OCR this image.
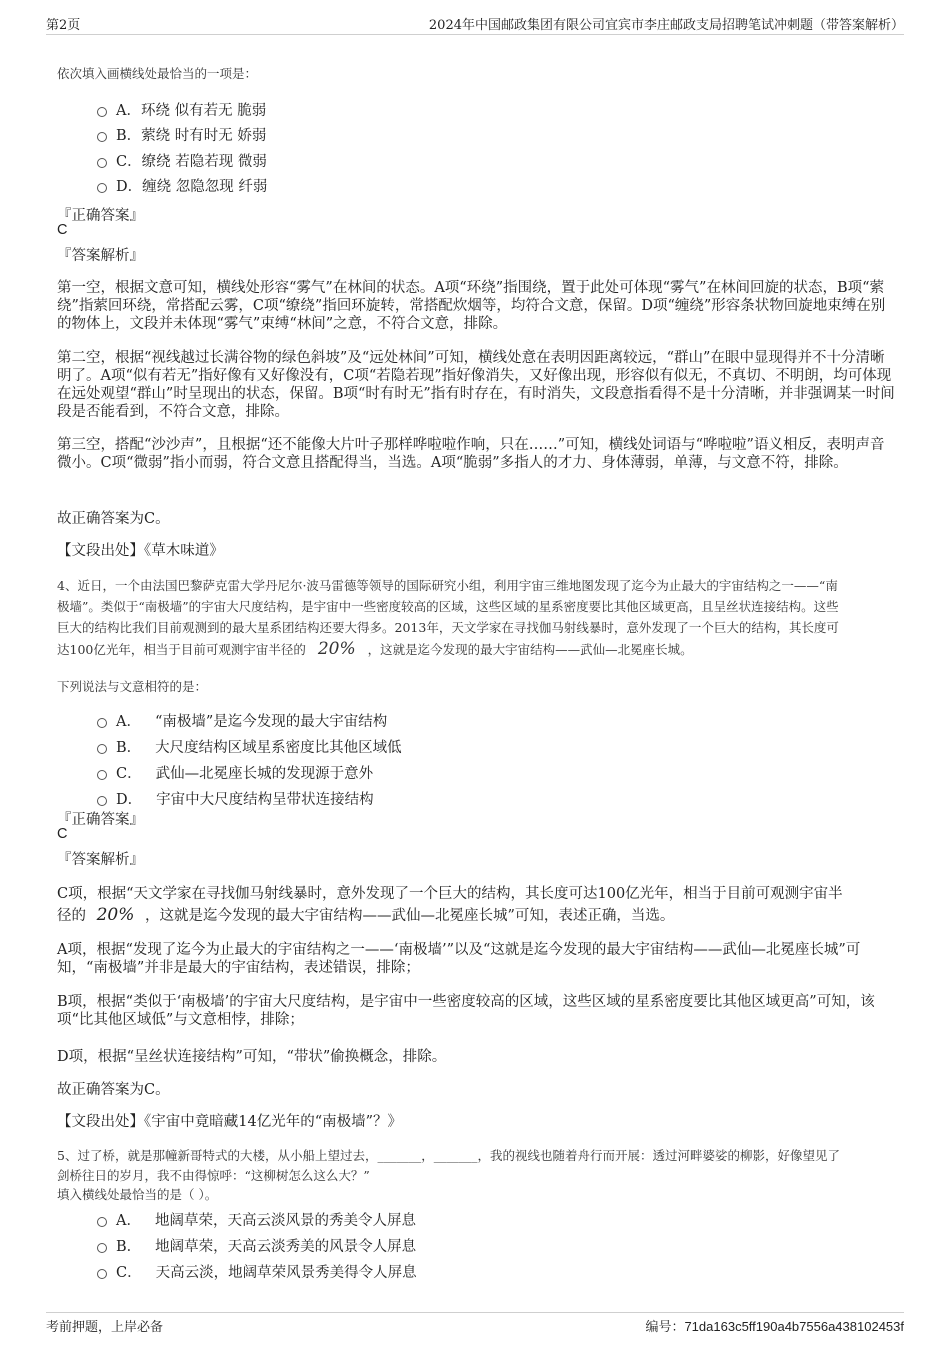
第2页	2024年中国邮政集团有限公司宜宾市李庄邮政支局招聘笔试冲刺题（带答案解析）
依次填入画横线处最恰当的一项是：
A． 环绕 似有若无 脆弱
B． 萦绕 时有时无 娇弱
C． 缭绕 若隐若现 微弱
D． 缠绕 忽隐忽现 纤弱
『正确答案』
C
『答案解析』
第一空，根据文意可知，横线处形容“雾气”在林间的状态。A项“环绕”指围绕，置于此处可体现“雾气”在林间回旋的状态，B项“萦绕”指萦回环绕，常搭配云雾，C项“缭绕”指回环旋转，常搭配炊烟等，均符合文意，保留。D项“缠绕”形容条状物回旋地束缚在别的物体上，文段并未体现“雾气”束缚“林间”之意，不符合文意，排除。
第二空，根据“视线越过长满谷物的绿色斜坡”及“远处林间”可知，横线处意在表明因距离较远，“群山”在眼中显现得并不十分清晰明了。A项“似有若无”指好像有又好像没有，C项“若隐若现”指好像消失，又好像出现，形容似有似无，不真切、不明朗，均可体现在远处观望“群山”时呈现出的状态，保留。B项“时有时无”指有时存在，有时消失，文段意指看得不是十分清晰，并非强调某一时间段是否能看到，不符合文意，排除。
第三空，搭配“沙沙声”，且根据“还不能像大片叶子那样哗啦啦作响，只在……”可知，横线处词语与“哗啦啦”语义相反，表明声音微小。C项“微弱”指小而弱，符合文意且搭配得当，当选。A项“脆弱”多指人的才力、身体薄弱，单薄，与文意不符，排除。
故正确答案为C。
【文段出处】《草木味道》
4、近日，一个由法国巴黎萨克雷大学丹尼尔·波马雷德等领导的国际研究小组，利用宇宙三维地图发现了迄今为止最大的宇宙结构之一——“南
极墙”。类似于“南极墙”的宇宙大尺度结构，是宇宙中一些密度较高的区域，这些区域的星系密度要比其他区域更高，且呈丝状连接结构。这些
巨大的结构比我们目前观测到的最大星系团结构还要大得多。2013年，天文学家在寻找伽马射线暴时，意外发现了一个巨大的结构，其长度可
达100亿光年，相当于目前可观测宇宙半径的 20% ，这就是迄今发现的最大宇宙结构——武仙—北冕座长城。
下列说法与文意相符的是：
A． “南极墙”是迄今发现的最大宇宙结构
B． 大尺度结构区域星系密度比其他区域低
C． 武仙—北冕座长城的发现源于意外
D． 宇宙中大尺度结构呈带状连接结构
『正确答案』
C
『答案解析』
C项，根据“天文学家在寻找伽马射线暴时，意外发现了一个巨大的结构，其长度可达100亿光年，相当于目前可观测宇宙半
径的 20% ，这就是迄今发现的最大宇宙结构——武仙—北冕座长城”可知，表述正确，当选。
A项，根据“发现了迄今为止最大的宇宙结构之一——‘南极墙’”以及“这就是迄今发现的最大宇宙结构——武仙—北冕座长城”可知，“南极墙”并非是最大的宇宙结构，表述错误，排除；
B项，根据“类似于‘南极墙’的宇宙大尺度结构，是宇宙中一些密度较高的区域，这些区域的星系密度要比其他区域更高”可知，该项“比其他区域低”与文意相悖，排除；
D项，根据“呈丝状连接结构”可知，“带状”偷换概念，排除。
故正确答案为C。
【文段出处】《宇宙中竟暗藏14亿光年的“南极墙”？》
5、过了桥，就是那幢新哥特式的大楼，从小船上望过去，_______，_______，我的视线也随着舟行而开展：透过河畔婆娑的柳影，好像望见了
剑桥往日的岁月，我不由得惊呼：“这柳树怎么这么大？”
填入横线处最恰当的是（ ）。
A． 地阔草荣，天高云淡风景的秀美令人屏息
B． 地阔草荣，天高云淡秀美的风景令人屏息
C． 天高云淡，地阔草荣风景秀美得令人屏息
考前押题，上岸必备	编号：71da163c5ff190a4b7556a438102453f
